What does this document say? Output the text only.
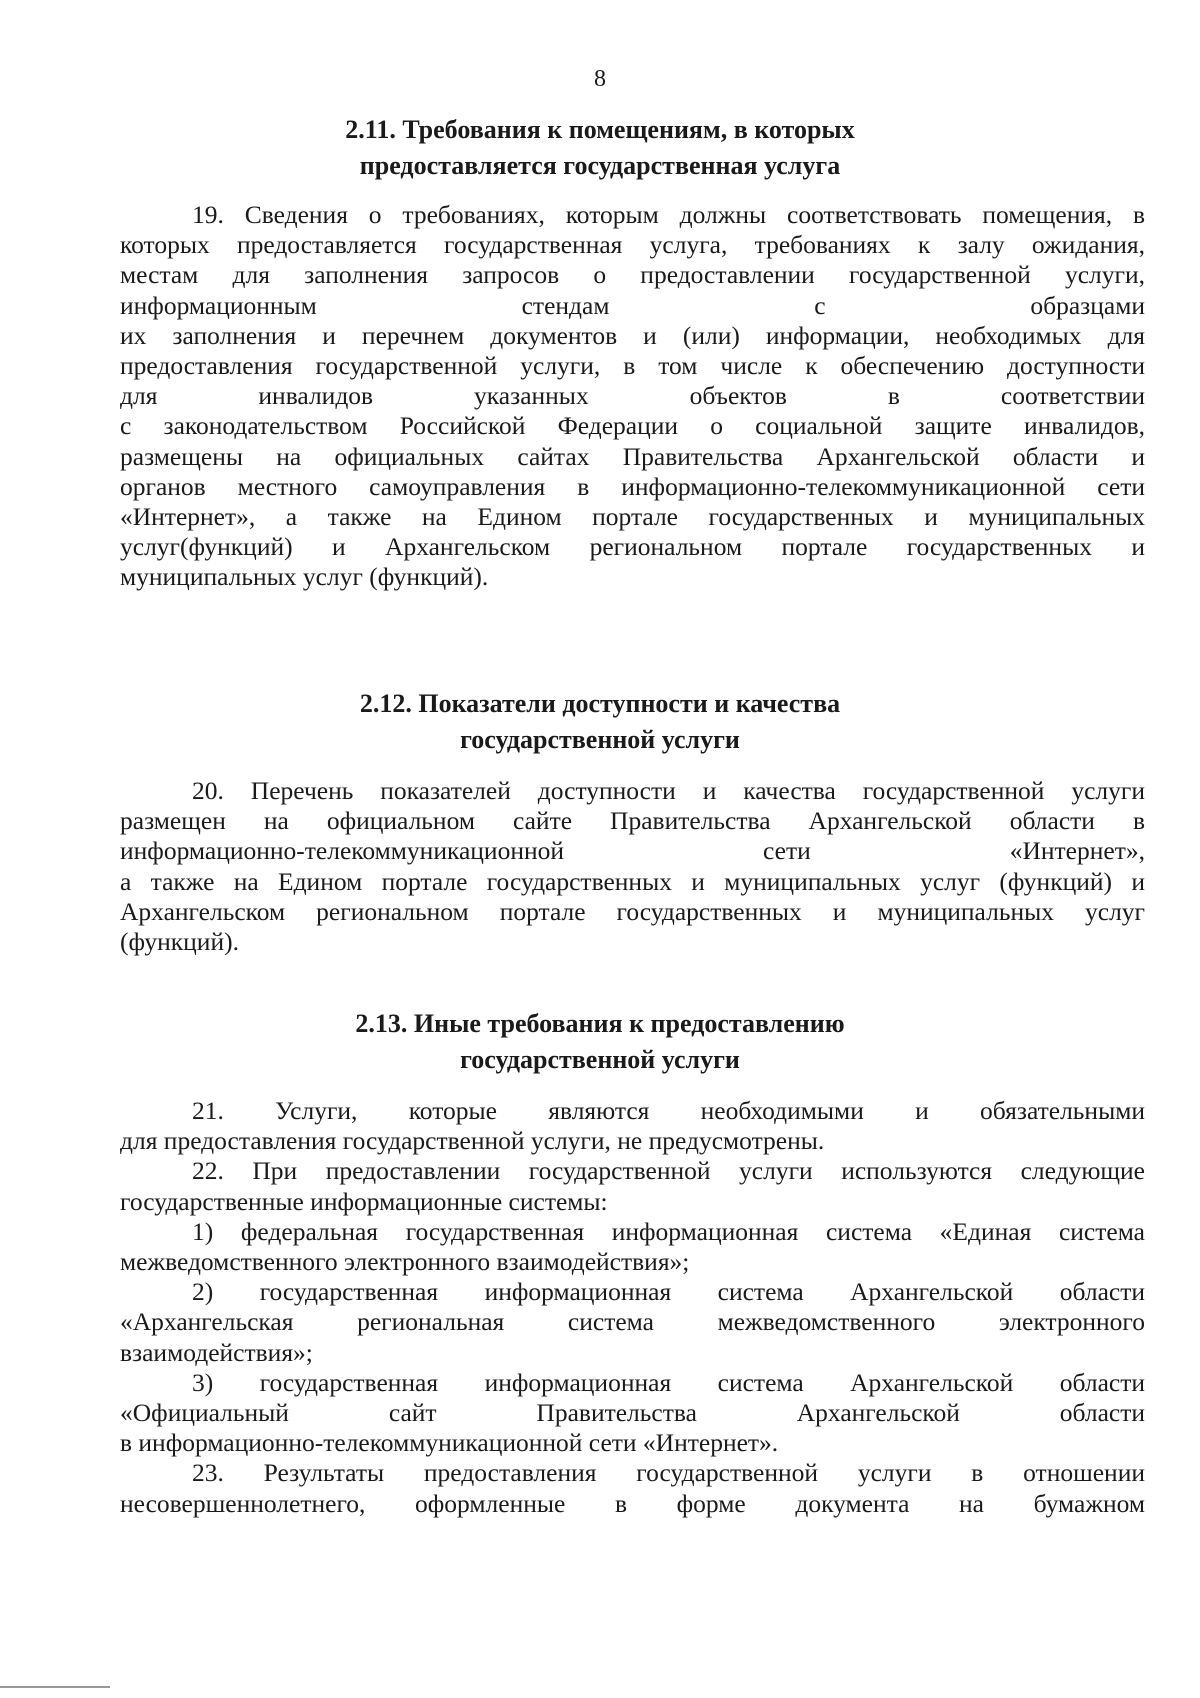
8
2.11. Требования к помещениям, в которых
предоставляется государственная услуга
19. Сведения о требованиях, которым должны соответствовать помещения, в
которых предоставляется государственная услуга, требованиях к залу ожидания,
местам для заполнения запросов о предоставлении государственной услуги,
информационным стендам с образцами
их заполнения и перечнем документов и (или) информации, необходимых для
предоставления государственной услуги, в том числе к обеспечению доступности
для инвалидов указанных объектов в соответствии
с законодательством Российской Федерации о социальной защите инвалидов,
размещены на официальных сайтах Правительства Архангельской области и
органов местного самоуправления в информационно-телекоммуникационной сети
«Интернет», а также на Едином портале государственных и муниципальных
услуг(функций) и Архангельском региональном портале государственных и
муниципальных услуг (функций).
2.12. Показатели доступности и качества
государственной услуги
20. Перечень показателей доступности и качества государственной услуги
размещен на официальном сайте Правительства Архангельской области в
информационно-телекоммуникационной сети «Интернет»,
а также на Едином портале государственных и муниципальных услуг (функций) и
Архангельском региональном портале государственных и муниципальных услуг
(функций).
2.13. Иные требования к предоставлению
государственной услуги
21. Услуги, которые являются необходимыми и обязательными
для предоставления государственной услуги, не предусмотрены.
22. При предоставлении государственной услуги используются следующие
государственные информационные системы:
1) федеральная государственная информационная система «Единая система
межведомственного электронного взаимодействия»;
2) государственная информационная система Архангельской области
«Архангельская региональная система межведомственного электронного
взаимодействия»;
3) государственная информационная система Архангельской области
«Официальный сайт Правительства Архангельской области
в информационно-телекоммуникационной сети «Интернет».
23. Результаты предоставления государственной услуги в отношении
несовершеннолетнего, оформленные в форме документа на бумажном
